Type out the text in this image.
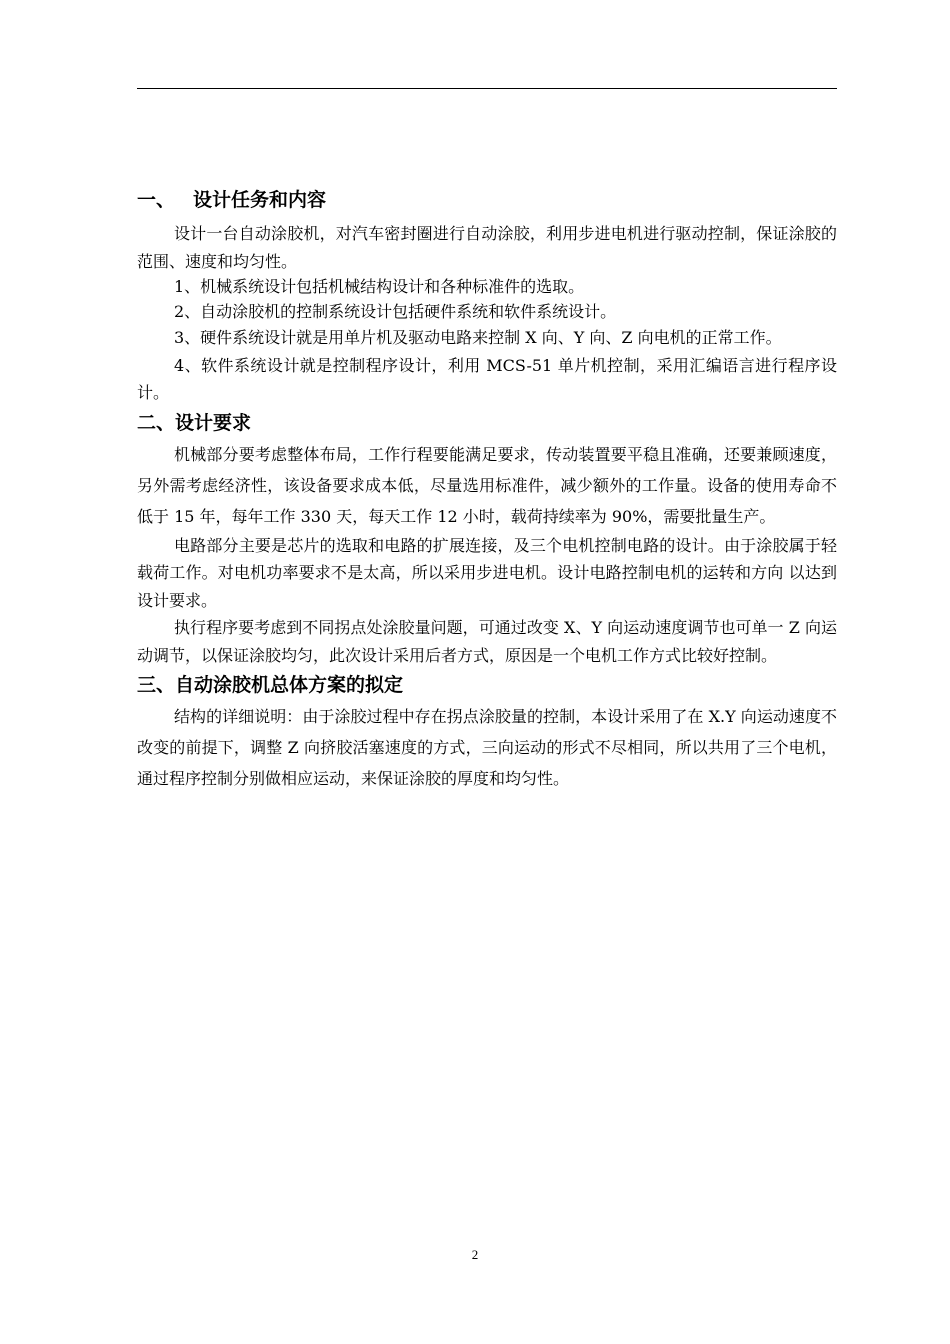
一、 设计任务和内容

设计一台自动涂胶机，对汽车密封圈进行自动涂胶，利用步进电机进行驱动控制，保证涂胶的范围、速度和均匀性。

1、机械系统设计包括机械结构设计和各种标准件的选取。

2、自动涂胶机的控制系统设计包括硬件系统和软件系统设计。

3、硬件系统设计就是用单片机及驱动电路来控制 X 向、Y 向、Z 向电机的正常工作。

4、软件系统设计就是控制程序设计，利用 MCS-51 单片机控制，采用汇编语言进行程序设计。

二、设计要求

机械部分要考虑整体布局，工作行程要能满足要求，传动装置要平稳且准确，还要兼顾速度，另外需考虑经济性，该设备要求成本低，尽量选用标准件，减少额外的工作量。设备的使用寿命不低于 15 年，每年工作 330 天，每天工作 12 小时，载荷持续率为 90%，需要批量生产。

电路部分主要是芯片的选取和电路的扩展连接，及三个电机控制电路的设计。由于涂胶属于轻载荷工作。对电机功率要求不是太高，所以采用步进电机。设计电路控制电机的运转和方向 以达到设计要求。

执行程序要考虑到不同拐点处涂胶量问题，可通过改变 X、Y 向运动速度调节也可单一 Z 向运动调节，以保证涂胶均匀，此次设计采用后者方式，原因是一个电机工作方式比较好控制。

三、自动涂胶机总体方案的拟定

结构的详细说明：由于涂胶过程中存在拐点涂胶量的控制，本设计采用了在 X.Y 向运动速度不改变的前提下，调整 Z 向挤胶活塞速度的方式，三向运动的形式不尽相同，所以共用了三个电机，通过程序控制分别做相应运动，来保证涂胶的厚度和均匀性。

2
